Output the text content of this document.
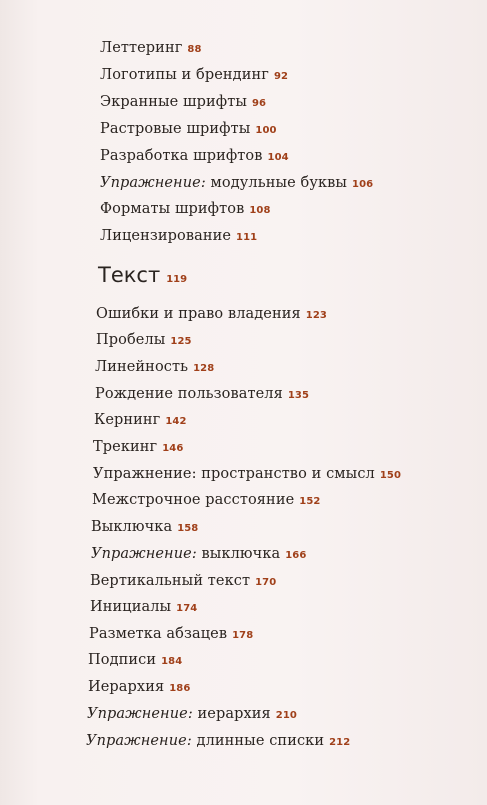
Леттеринг 88
Логотипы и брендинг 92
Экранные шрифты 96
Растровые шрифты 100
Разработка шрифтов 104
Упражнение: модульные буквы 106
Форматы шрифтов 108
Лицензирование 111
Текст 119
Ошибки и право владения 123
Пробелы 125
Линейность 128
Рождение пользователя 135
Кернинг 142
Трекинг 146
Упражнение: пространство и смысл 150
Межстрочное расстояние 152
Выключка 158
Упражнение: выключка 166
Вертикальный текст 170
Инициалы 174
Разметка абзацев 178
Подписи 184
Иерархия 186
Упражнение: иерархия 210
Упражнение: длинные списки 212
